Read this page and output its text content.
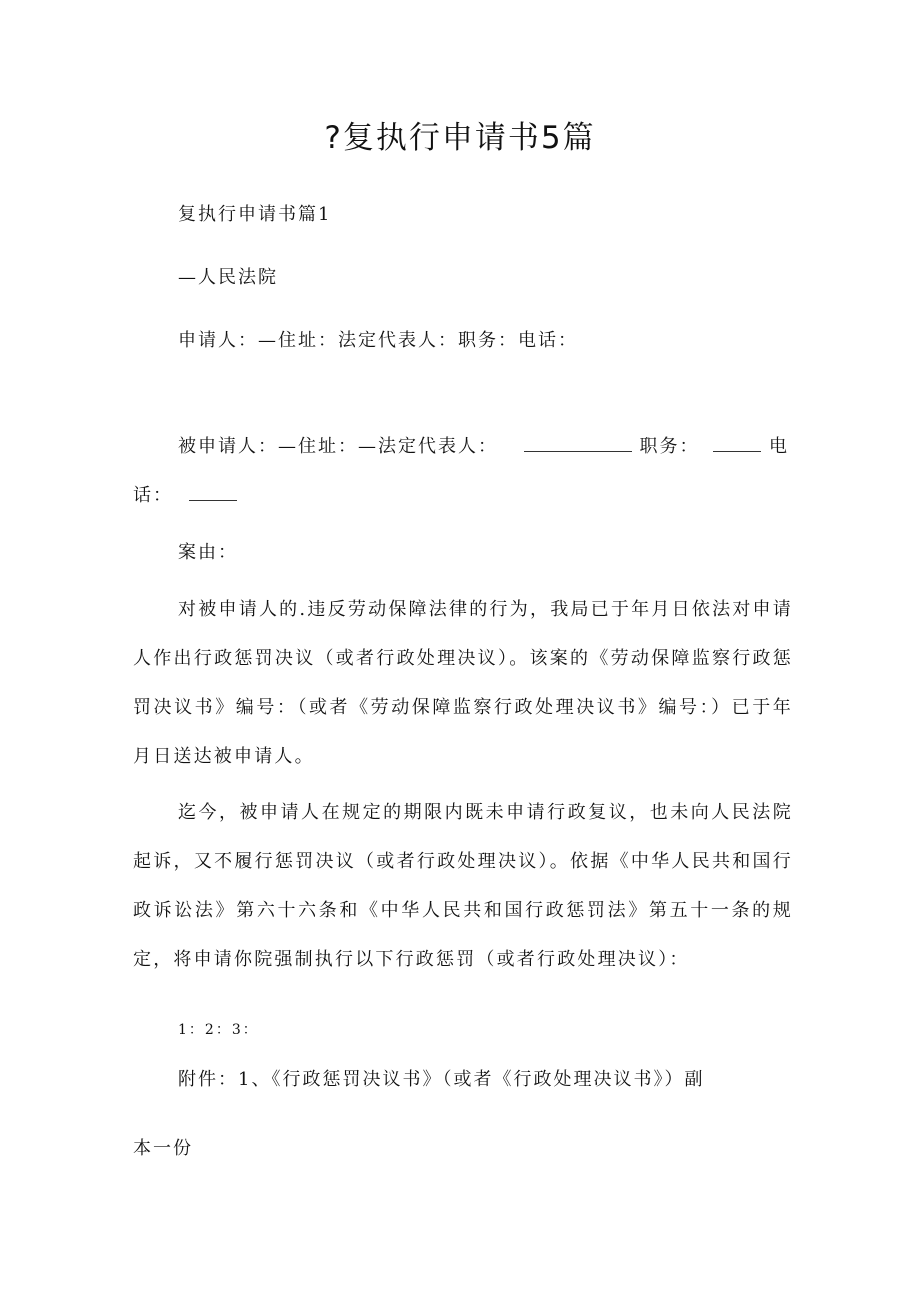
?复执行申请书5篇
复执行申请书篇1
—人民法院
申请人：—住址：法定代表人：职务：电话：
被申请人：—住址：—法定代表人：	职务：	电
话：
案由：

对被申请人的.违反劳动保障法律的行为，我局已于年月日依法对申请人作出行政惩罚决议（或者行政处理决议）。该案的《劳动保障监察行政惩罚决议书》编号：（或者《劳动保障监察行政处理决议书》编号：）已于年月日送达被申请人。

迄今，被申请人在规定的期限内既未申请行政复议，也未向人民法院起诉，又不履行惩罚决议（或者行政处理决议）。依据《中华人民共和国行政诉讼法》第六十六条和《中华人民共和国行政惩罚法》第五十一条的规定，将申请你院强制执行以下行政惩罚（或者行政处理决议）：

1：2：3：
附件：1、《行政惩罚决议书》（或者《行政处理决议书》）副
本一份
